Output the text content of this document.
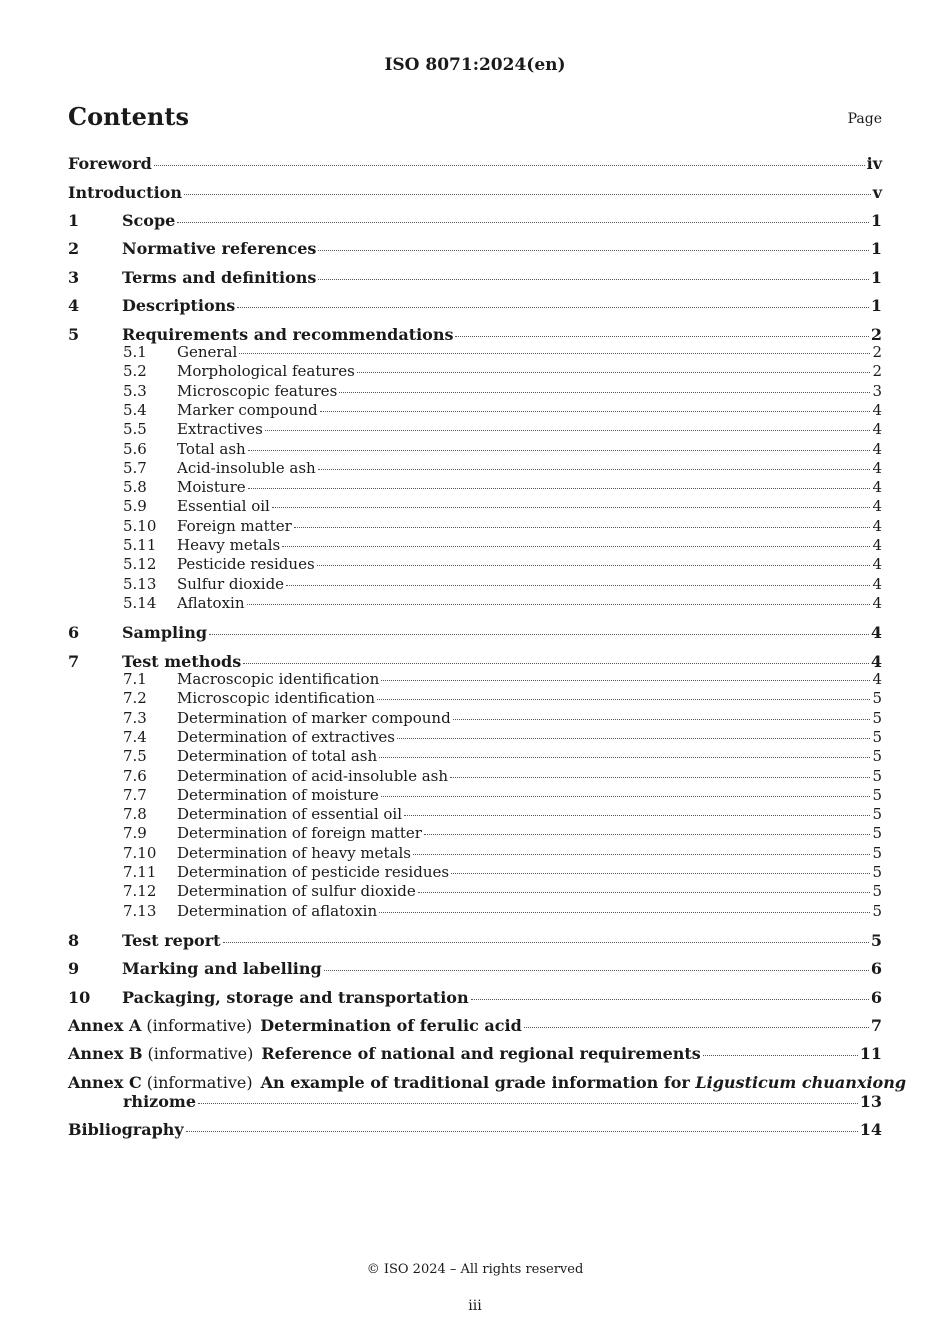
ISO 8071:2024(en)
Contents	Page
Foreword	iv
Introduction	v
1	Scope	1
2	Normative references	1
3	Terms and definitions	1
4	Descriptions	1
5	Requirements and recommendations	2
5.1	General	2
5.2	Morphological features	2
5.3	Microscopic features	3
5.4	Marker compound	4
5.5	Extractives	4
5.6	Total ash	4
5.7	Acid-insoluble ash	4
5.8	Moisture	4
5.9	Essential oil	4
5.10	Foreign matter	4
5.11	Heavy metals	4
5.12	Pesticide residues	4
5.13	Sulfur dioxide	4
5.14	Aflatoxin	4
6	Sampling	4
7	Test methods	4
7.1	Macroscopic identification	4
7.2	Microscopic identification	5
7.3	Determination of marker compound	5
7.4	Determination of extractives	5
7.5	Determination of total ash	5
7.6	Determination of acid-insoluble ash	5
7.7	Determination of moisture	5
7.8	Determination of essential oil	5
7.9	Determination of foreign matter	5
7.10	Determination of heavy metals	5
7.11	Determination of pesticide residues	5
7.12	Determination of sulfur dioxide	5
7.13	Determination of aflatoxin	5
8	Test report	5
9	Marking and labelling	6
10	Packaging, storage and transportation	6
Annex A (informative) Determination of ferulic acid	7
Annex B (informative) Reference of national and regional requirements	11
Annex C (informative) An example of traditional grade information for Ligusticum chuanxiong
rhizome	13
Bibliography	14
© ISO 2024 – All rights reserved
iii
